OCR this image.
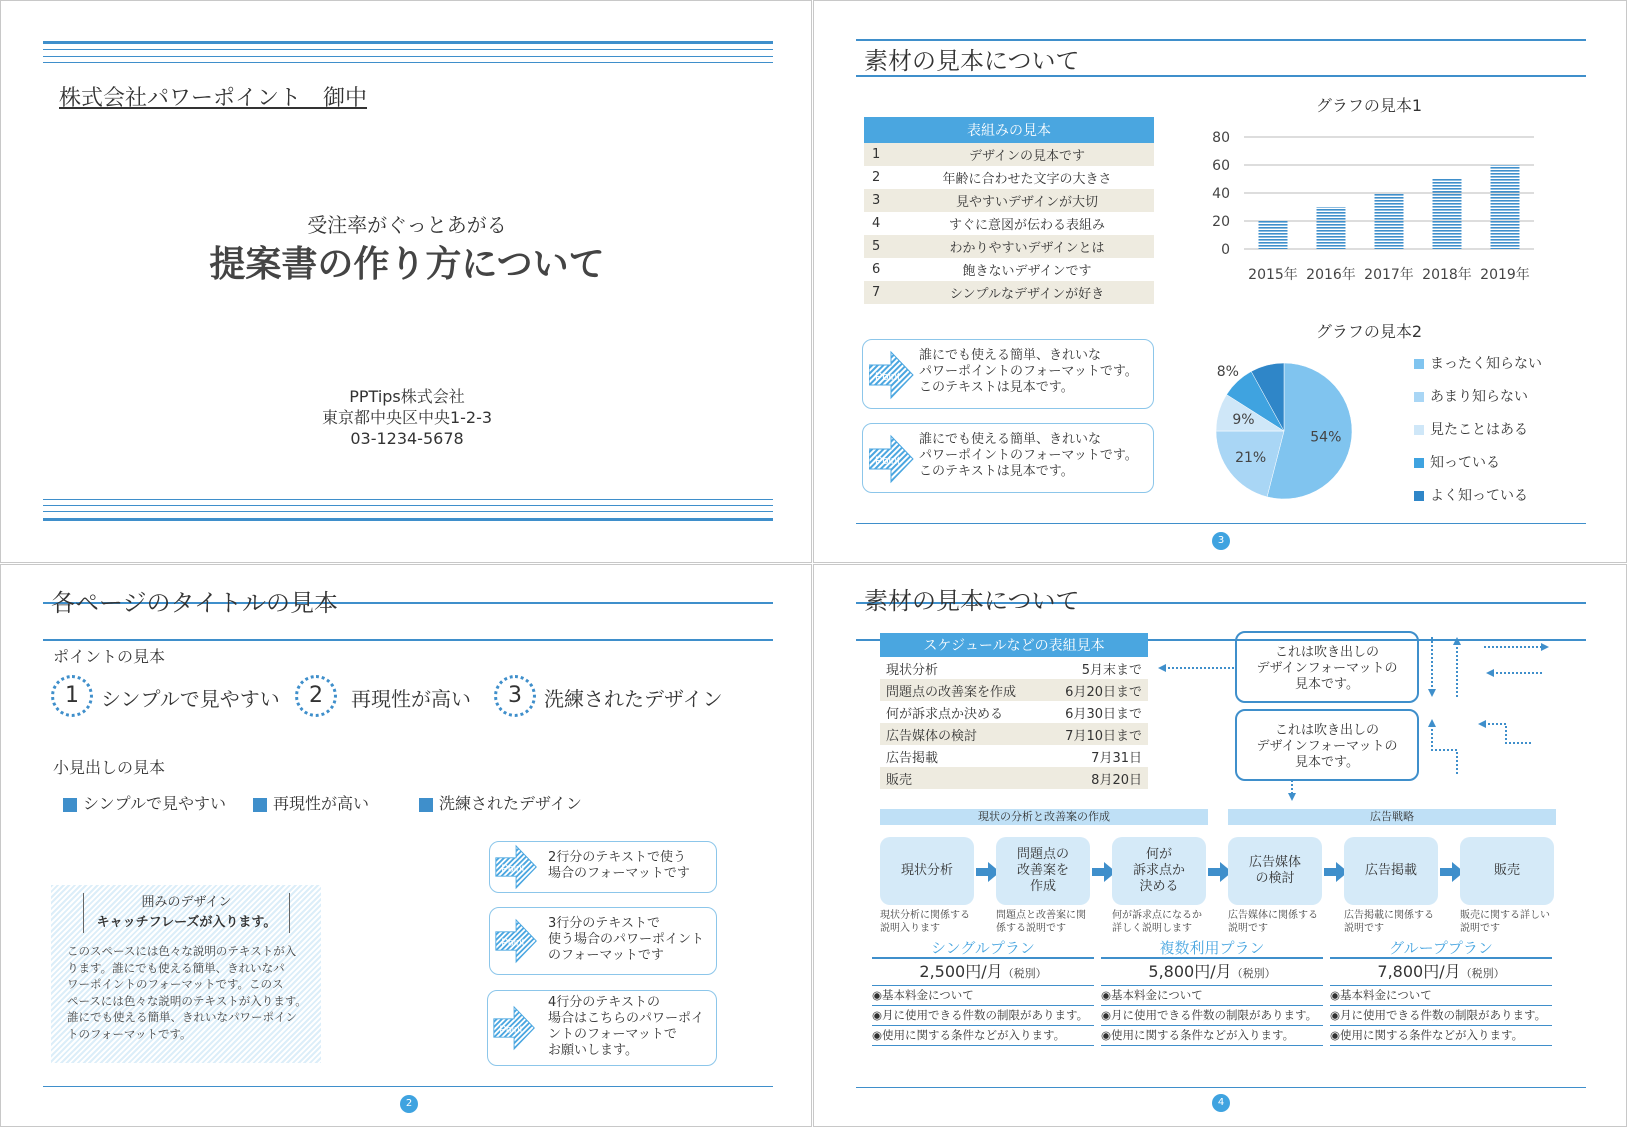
株式会社パワーポイント　御中
受注率がぐっとあがる
提案書の作り方について
PPTips株式会社
東京都中央区中央1-2-3
03-1234-5678
素材の見本について
表組みの見本	
1	デザインの見本です
2	年齢に合わせた文字の大きさ
3	見やすいデザインが大切
4	すぐに意図が伝わる表組み
5	わかりやすいデザインとは
6	飽きないデザインです
7	シンプルなデザインが好き
Point
誰にでも使える簡単、きれいな
パワーポイントのフォーマットです。
このテキストは見本です。
Point
誰にでも使える簡単、きれいな
パワーポイントのフォーマットです。
このテキストは見本です。
グラフの見本1
0
20
40
60
80
2015年 2016年 2017年 2018年 2019年
グラフの見本2
54%
21%
9%
8%
まったく知らない
あまり知らない
見たことはある
知っている
よく知っている
3
各ページのタイトルの見本
ポイントの見本
1	シンプルで見やすい	2	再現性が高い	3	洗練されたデザイン
小見出しの見本
シンプルで見やすい	再現性が高い	洗練されたデザイン
囲みのデザイン
キャッチフレーズが入ります。
このスペースには色々な説明のテキストが入
ります。誰にでも使える簡単、きれいなパ
ワーポイントのフォーマットです。このス
ペースには色々な説明のテキストが入ります。
誰にでも使える簡単、きれいなパワーポイン
トのフォーマットです。
Point
2行分のテキストで使う
場合のフォーマットです
Point
3行分のテキストで
使う場合のパワーポイント
のフォーマットです
Point
4行分のテキストの
場合はこちらのパワーポイ
ントのフォーマットで
お願いします。
2
素材の見本について
スケジュールなどの表組見本	
現状分析	5月末まで
問題点の改善案を作成	6月20日まで
何が訴求点か決める	6月30日まで
広告媒体の検討	7月10日まで
広告掲載	7月31日
販売	8月20日
これは吹き出しの
デザインフォーマットの
見本です。
これは吹き出しの
デザインフォーマットの
見本です。
現状の分析と改善案の作成	広告戦略
4
現状分析
現状分析に関係する
説明入ります
問題点の
改善案を
作成
問題点と改善案に関
係する説明です
何が
訴求点か
決める
何が訴求点になるか
詳しく説明します
広告媒体
の検討
広告媒体に関係する
説明です
広告掲載
広告掲載に関係する
説明です
販売
販売に関する詳しい
説明です
シングルプラン
2,500円/月（税別）
◉基本料金について
◉月に使用できる件数の制限があります。
◉使用に関する条件などが入ります。
複数利用プラン
5,800円/月（税別）
◉基本料金について
◉月に使用できる件数の制限があります。
◉使用に関する条件などが入ります。
グループプラン
7,800円/月（税別）
◉基本料金について
◉月に使用できる件数の制限があります。
◉使用に関する条件などが入ります。
